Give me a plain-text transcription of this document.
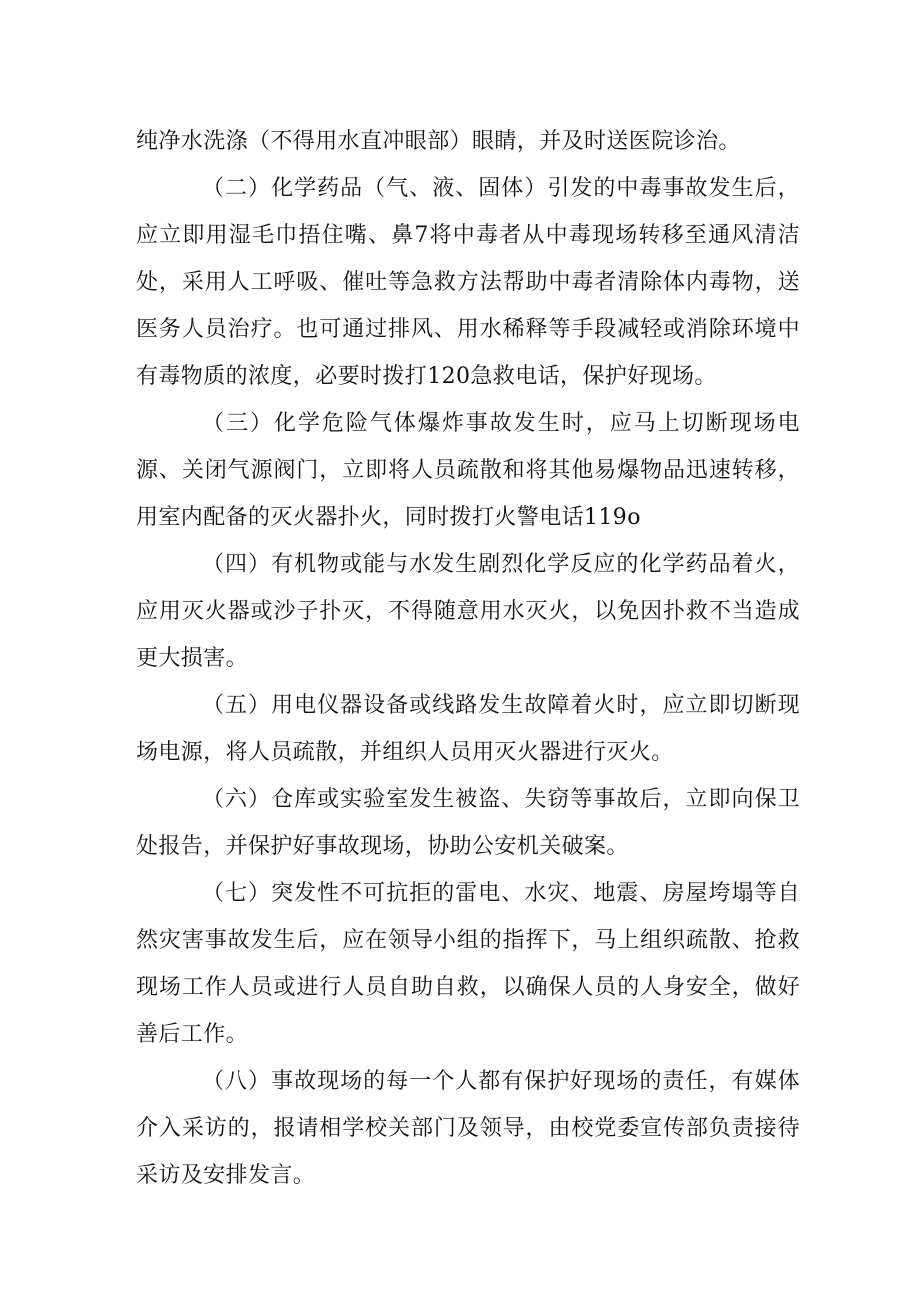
纯净水洗涤（不得用水直冲眼部）眼睛，并及时送医院诊治。

（二）化学药品（气、液、固体）引发的中毒事故发生后，应立即用湿毛巾捂住嘴、鼻7将中毒者从中毒现场转移至通风清洁处，采用人工呼吸、催吐等急救方法帮助中毒者清除体内毒物，送医务人员治疗。也可通过排风、用水稀释等手段减轻或消除环境中有毒物质的浓度，必要时拨打120急救电话，保护好现场。

（三）化学危险气体爆炸事故发生时，应马上切断现场电源、关闭气源阀门，立即将人员疏散和将其他易爆物品迅速转移，用室内配备的灭火器扑火，同时拨打火警电话119o

（四）有机物或能与水发生剧烈化学反应的化学药品着火，应用灭火器或沙子扑灭，不得随意用水灭火，以免因扑救不当造成更大损害。

（五）用电仪器设备或线路发生故障着火时，应立即切断现场电源，将人员疏散，并组织人员用灭火器进行灭火。

（六）仓库或实验室发生被盗、失窃等事故后，立即向保卫处报告，并保护好事故现场，协助公安机关破案。

（七）突发性不可抗拒的雷电、水灾、地震、房屋垮塌等自然灾害事故发生后，应在领导小组的指挥下，马上组织疏散、抢救现场工作人员或进行人员自助自救，以确保人员的人身安全，做好善后工作。

（八）事故现场的每一个人都有保护好现场的责任，有媒体介入采访的，报请相学校关部门及领导，由校党委宣传部负责接待采访及安排发言。
